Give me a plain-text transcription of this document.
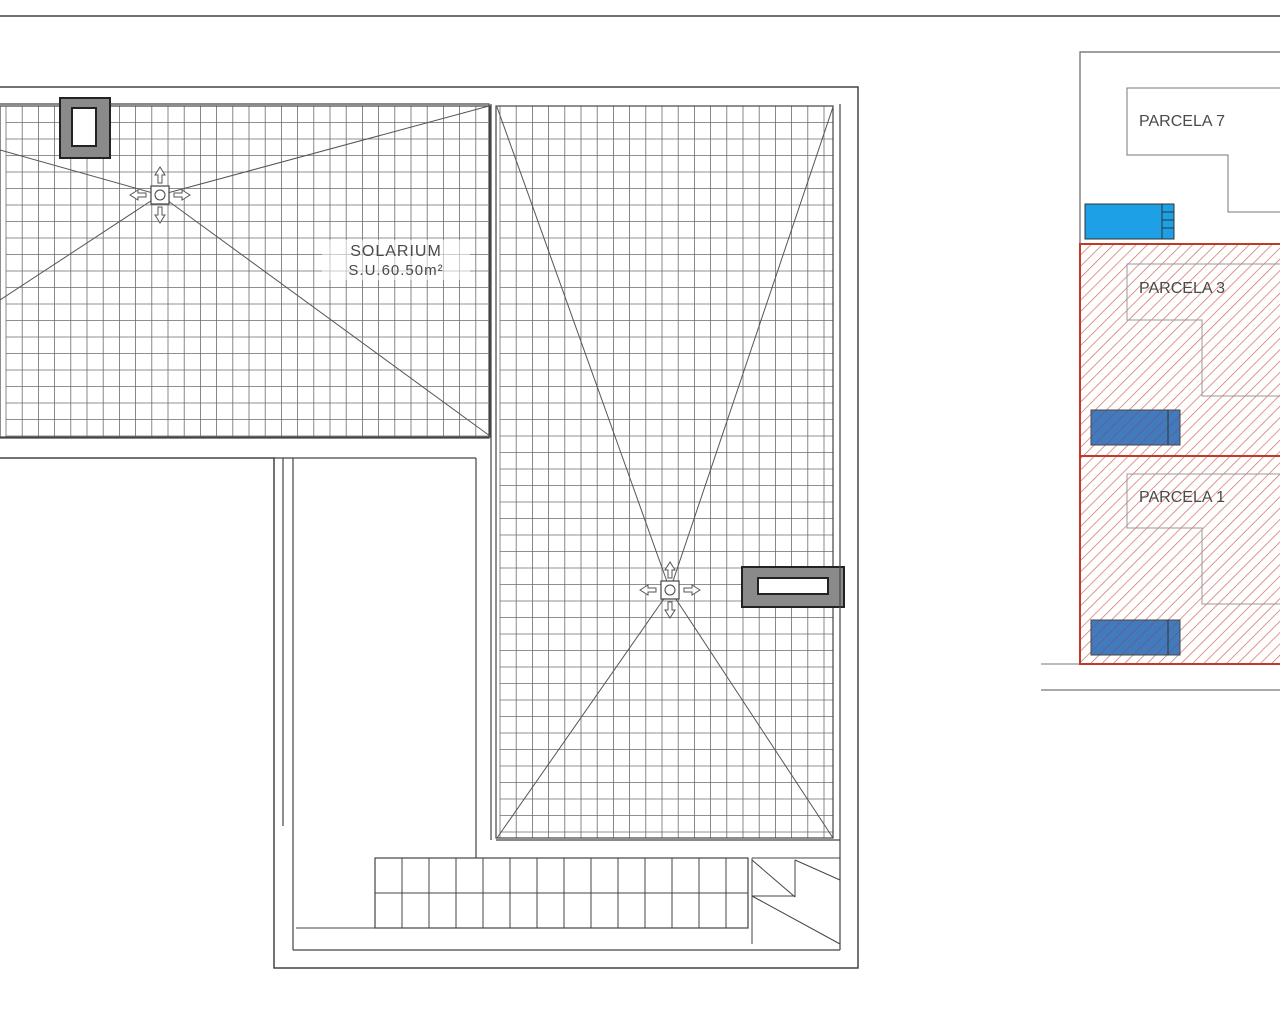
SOLARIUM
S.U.60.50m²
PARCELA 7
PARCELA 3
PARCELA 1
